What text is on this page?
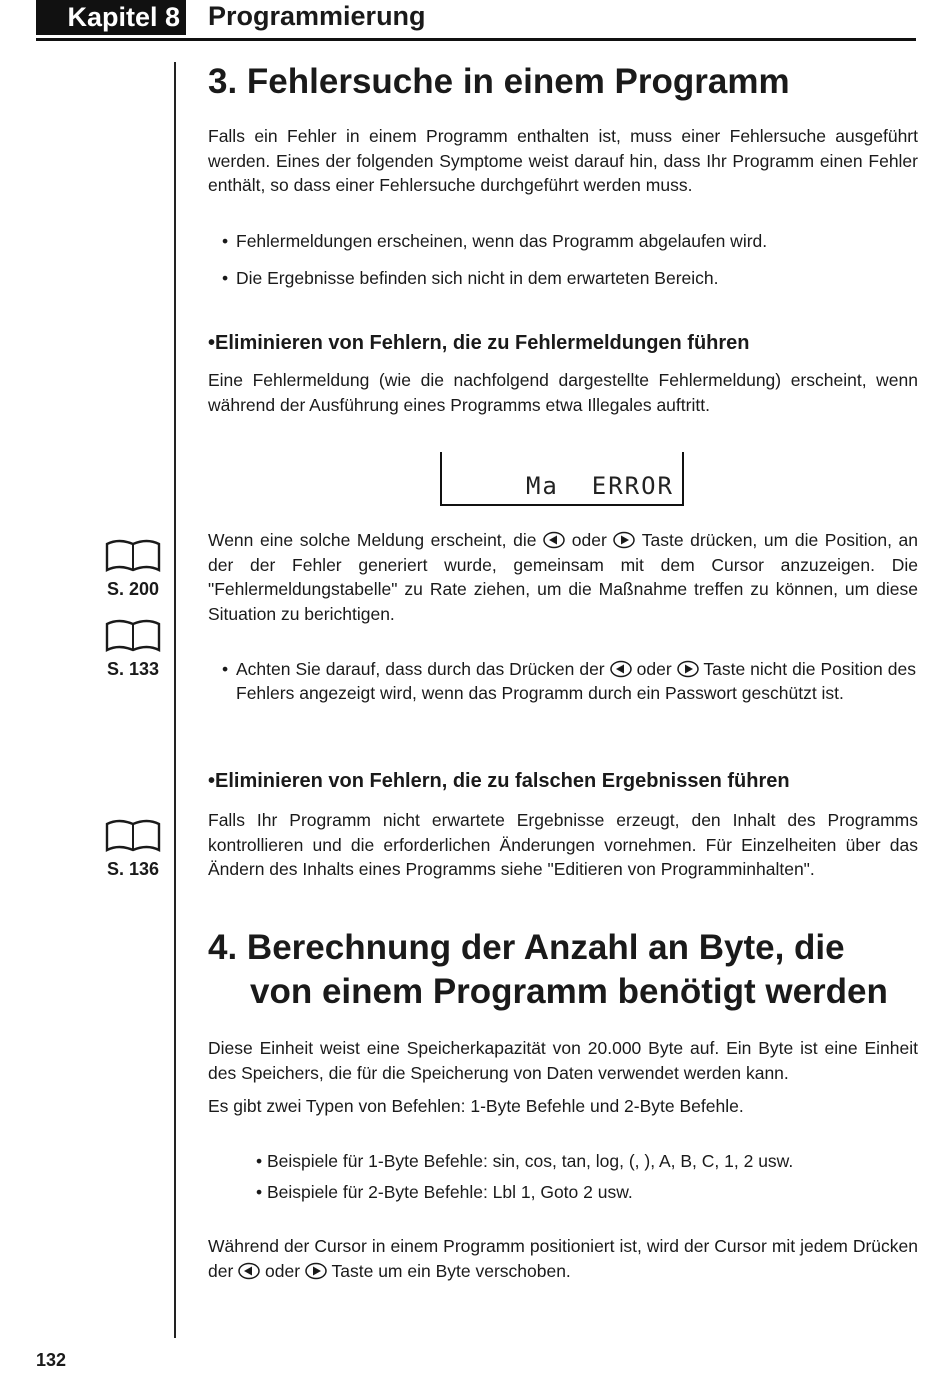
Kapitel 8 Programmierung
3. Fehlersuche in einem Programm

Falls ein Fehler in einem Programm enthalten ist, muss einer Fehlersuche ausgeführt werden. Eines der folgenden Symptome weist darauf hin, dass Ihr Programm einen Fehler enthält, so dass einer Fehlersuche durchgeführt werden muss.

• Fehlermeldungen erscheinen, wenn das Programm abgelaufen wird.
• Die Ergebnisse befinden sich nicht in dem erwarteten Bereich.
•Eliminieren von Fehlern, die zu Fehlermeldungen führen

Eine Fehlermeldung (wie die nachfolgend dargestellte Fehlermeldung) erscheint, wenn während der Ausführung eines Programms etwa Illegales auftritt.

Ma  ERROR

Wenn eine solche Meldung erscheint, die oder Taste drücken, um die Position, an der der Fehler generiert wurde, gemeinsam mit dem Cursor anzuzeigen. Die "Fehlermeldungstabelle" zu Rate ziehen, um die Maßnahme treffen zu können, um diese Situation zu berichtigen.

• Achten Sie darauf, dass durch das Drücken der oder Taste nicht die Position des Fehlers angezeigt wird, wenn das Programm durch ein Passwort geschützt ist.
•Eliminieren von Fehlern, die zu falschen Ergebnissen führen

Falls Ihr Programm nicht erwartete Ergebnisse erzeugt, den Inhalt des Programms kontrollieren und die erforderlichen Änderungen vornehmen. Für Einzelheiten über das Ändern des Inhalts eines Programms siehe "Editieren von Programminhalten".

4. Berechnung der Anzahl an Byte, die
von einem Programm benötigt werden

Diese Einheit weist eine Speicherkapazität von 20.000 Byte auf. Ein Byte ist eine Einheit des Speichers, die für die Speicherung von Daten verwendet werden kann.

Es gibt zwei Typen von Befehlen: 1-Byte Befehle und 2-Byte Befehle.

• Beispiele für 1-Byte Befehle: sin, cos, tan, log, (, ), A, B, C, 1, 2 usw.
• Beispiele für 2-Byte Befehle: Lbl 1, Goto 2 usw.

Während der Cursor in einem Programm positioniert ist, wird der Cursor mit jedem Drücken der oder Taste um ein Byte verschoben.

S. 200
S. 133
S. 136
132
